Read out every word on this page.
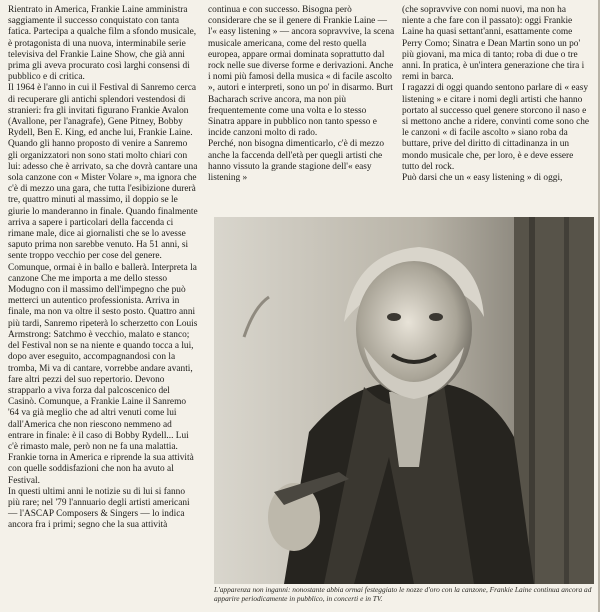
Rientrato in America, Frankie Laine amministra saggiamente il successo conquistato con tanta fatica. Partecipa a qualche film a sfondo musicale, è protagonista di una nuova, interminabile serie televisiva del Frankie Laine Show, che già anni prima gli aveva procurato così larghi consensi di pubblico e di critica.

Il 1964 è l'anno in cui il Festival di Sanremo cerca di recuperare gli antichi splendori vestendosi di stranieri: fra gli invitati figurano Frankie Avalon (Avallone, per l'anagrafe), Gene Pitney, Bobby Rydell, Ben E. King, ed anche lui, Frankie Laine.

Quando gli hanno proposto di venire a Sanremo gli organizzatori non sono stati molto chiari con lui: adesso che è arrivato, sa che dovrà cantare una sola canzone con « Mister Volare », ma ignora che c'è di mezzo una gara, che tutta l'esibizione durerà tre, quattro minuti al massimo, il doppio se le giurie lo manderanno in finale. Quando finalmente arriva a sapere i particolari della faccenda ci rimane male, dice ai giornalisti che se lo avesse saputo prima non sarebbe venuto. Ha 51 anni, si sente troppo vecchio per cose del genere. Comunque, ormai è in ballo e ballerà. Interpreta la canzone Che me importa a me dello stesso Modugno con il massimo dell'impegno che può metterci un autentico professionista. Arriva in finale, ma non va oltre il sesto posto. Quattro anni più tardi, Sanremo ripeterà lo scherzetto con Louis Armstrong: Satchmo è vecchio, malato e stanco; del Festival non se na niente e quando tocca a lui, dopo aver eseguito, accompagnandosi con la tromba, Mi va di cantare, vorrebbe andare avanti, fare altri pezzi del suo repertorio. Devono strapparlo a viva forza dal palcoscenico del Casinò. Comunque, a Frankie Laine il Sanremo '64 va già meglio che ad altri venuti come lui dall'America che non riescono nemmeno ad entrare in finale: è il caso di Bobby Rydell... Lui c'è rimasto male, però non ne fa una malattia.

Frankie torna in America e riprende la sua attività con quelle soddisfazioni che non ha avuto al Festival.

In questi ultimi anni le notizie su di lui si fanno più rare; nel '79 l'annuario degli artisti americani — l'ASCAP Composers & Singers — lo indica ancora fra i primi; segno che la sua attività

continua e con successo. Bisogna però considerare che se il genere di Frankie Laine — l'« easy listening » — ancora sopravvive, la scena musicale americana, come del resto quella europea, appare ormai dominata soprattutto dal rock nelle sue diverse forme e derivazioni. Anche i nomi più famosi della musica « di facile ascolto », autori e interpreti, sono un po' in disarmo. Burt Bacharach scrive ancora, ma non più frequentemente come una volta e lo stesso Sinatra appare in pubblico non tanto spesso e incide canzoni molto di rado.

Perché, non bisogna dimenticarlo, c'è di mezzo anche la faccenda dell'età per quegli artisti che hanno vissuto la grande stagione dell'« easy listening »

(che sopravvive con nomi nuovi, ma non ha niente a che fare con il passato): oggi Frankie Laine ha quasi settant'anni, esattamente come Perry Como; Sinatra e Dean Martin sono un po' più giovani, ma mica di tanto; roba di due o tre anni. In pratica, è un'intera generazione che tira i remi in barca.

I ragazzi di oggi quando sentono parlare di « easy listening » e citare i nomi degli artisti che hanno portato al successo quel genere storcono il naso e si mettono anche a ridere, convinti come sono che le canzoni « di facile ascolto » siano roba da buttare, prive del diritto di cittadinanza in un mondo musicale che, per loro, è e deve essere tutto del rock.

Può darsi che un « easy listening » di oggi,

L'apparenza non inganni: nonostante abbia ormai festeggiato le nozze d'oro con la canzone, Frankie Laine continua ancora ad apparire periodicamente in pubblico, in concerti e in TV.
